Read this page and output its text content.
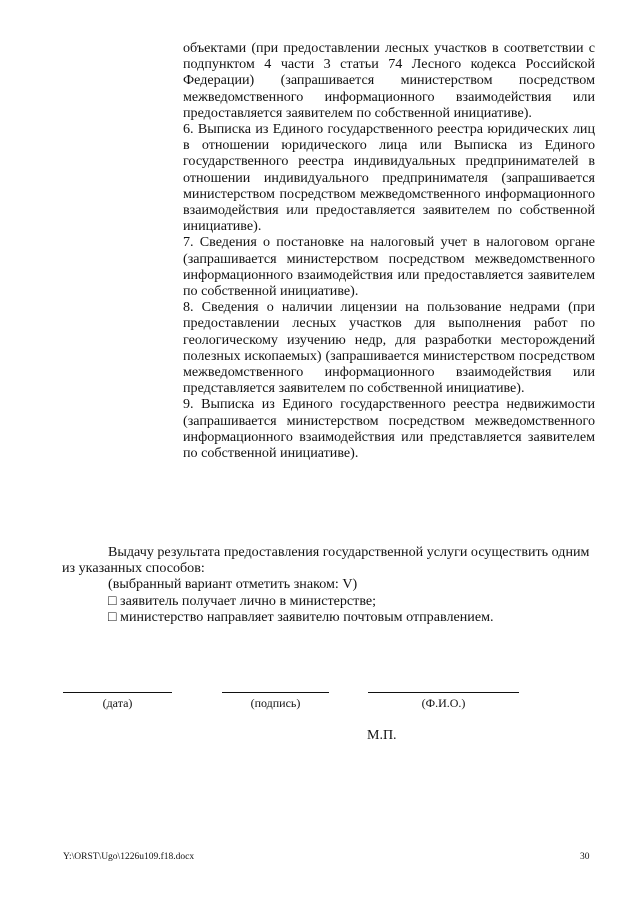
объектами (при предоставлении лесных участков в соответствии с подпунктом 4 части 3 статьи 74 Лесного кодекса Российской Федерации) (запрашивается министерством посредством межведомственного информационного взаимодействия или предоставляется заявителем по собственной инициативе).

6. Выписка из Единого государственного реестра юридических лиц в отношении юридического лица или Выписка из Единого государственного реестра индивидуальных предпринимателей в отношении индивидуального предпринимателя (запрашивается министерством посредством межведомственного информационного взаимодействия или предоставляется заявителем по собственной инициативе).

7. Сведения о постановке на налоговый учет в налоговом органе (запрашивается министерством посредством межведомственного информационного взаимодействия или предоставляется заявителем по собственной инициативе).

8. Сведения о наличии лицензии на пользование недрами (при предоставлении лесных участков для выполнения работ по геологическому изучению недр, для разработки месторождений полезных ископаемых) (запрашивается министерством посредством межведомственного информационного взаимодействия или представляется заявителем по собственной инициативе).

9. Выписка из Единого государственного реестра недвижимости (запрашивается министерством посредством межведомственного информационного взаимодействия или представляется заявителем по собственной инициативе).

Выдачу результата предоставления государственной услуги осуществить одним из указанных способов:

(выбранный вариант отметить знаком: V)

□ заявитель получает лично в министерстве;

□ министерство направляет заявителю почтовым отправлением.

(дата)	(подпись)	(Ф.И.О.)
М.П.
Y:\ORST\Ugo\1226u109.f18.docx	30
